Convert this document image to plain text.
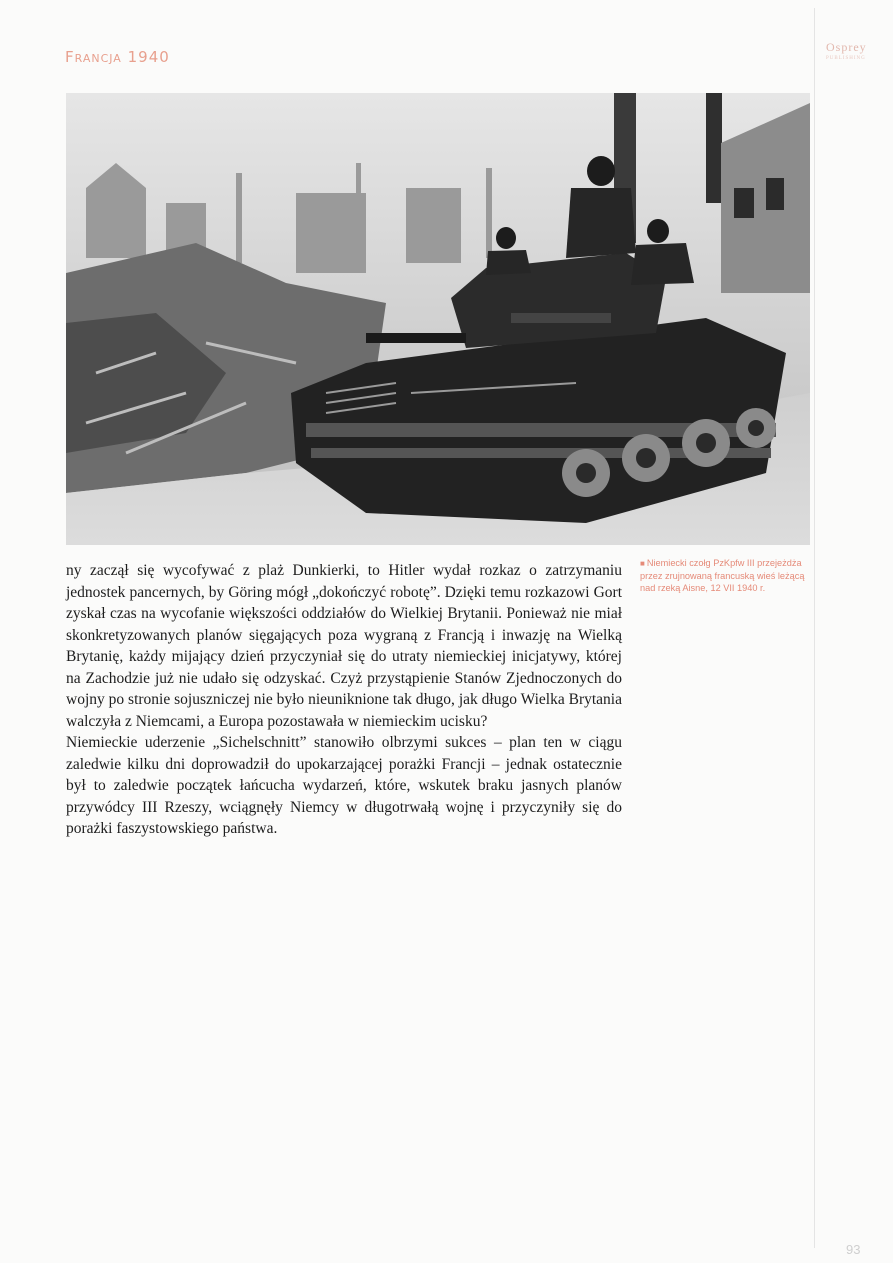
Francja 1940
Osprey
PUBLISHING
■ Niemiecki czołg PzKpfw III przejeżdża przez zrujnowaną francuską wieś leżącą nad rzeką Aisne, 12 VII 1940 r.

ny zaczął się wycofywać z plaż Dunkierki, to Hitler wydał rozkaz o zatrzymaniu jednostek pancernych, by Göring mógł „dokończyć robotę”. Dzięki temu rozkazowi Gort zyskał czas na wycofanie większości oddziałów do Wielkiej Brytanii. Ponieważ nie miał skonkretyzowanych planów sięgających poza wygraną z Francją i inwazję na Wielką Brytanię, każdy mijający dzień przyczyniał się do utraty niemieckiej inicjatywy, której na Zachodzie już nie udało się odzyskać. Czyż przystąpienie Stanów Zjednoczonych do wojny po stronie sojuszniczej nie było nieuniknione tak długo, jak długo Wielka Brytania walczyła z Niemcami, a Europa pozostawała w niemieckim ucisku?

Niemieckie uderzenie „Sichelschnitt” stanowiło olbrzymi sukces – plan ten w ciągu zaledwie kilku dni doprowadził do upokarzającej porażki Francji – jednak ostatecznie był to zaledwie początek łańcucha wydarzeń, które, wskutek braku jasnych planów przywódcy III Rzeszy, wciągnęły Niemcy w długotrwałą wojnę i przyczyniły się do porażki faszystowskiego państwa.

93
